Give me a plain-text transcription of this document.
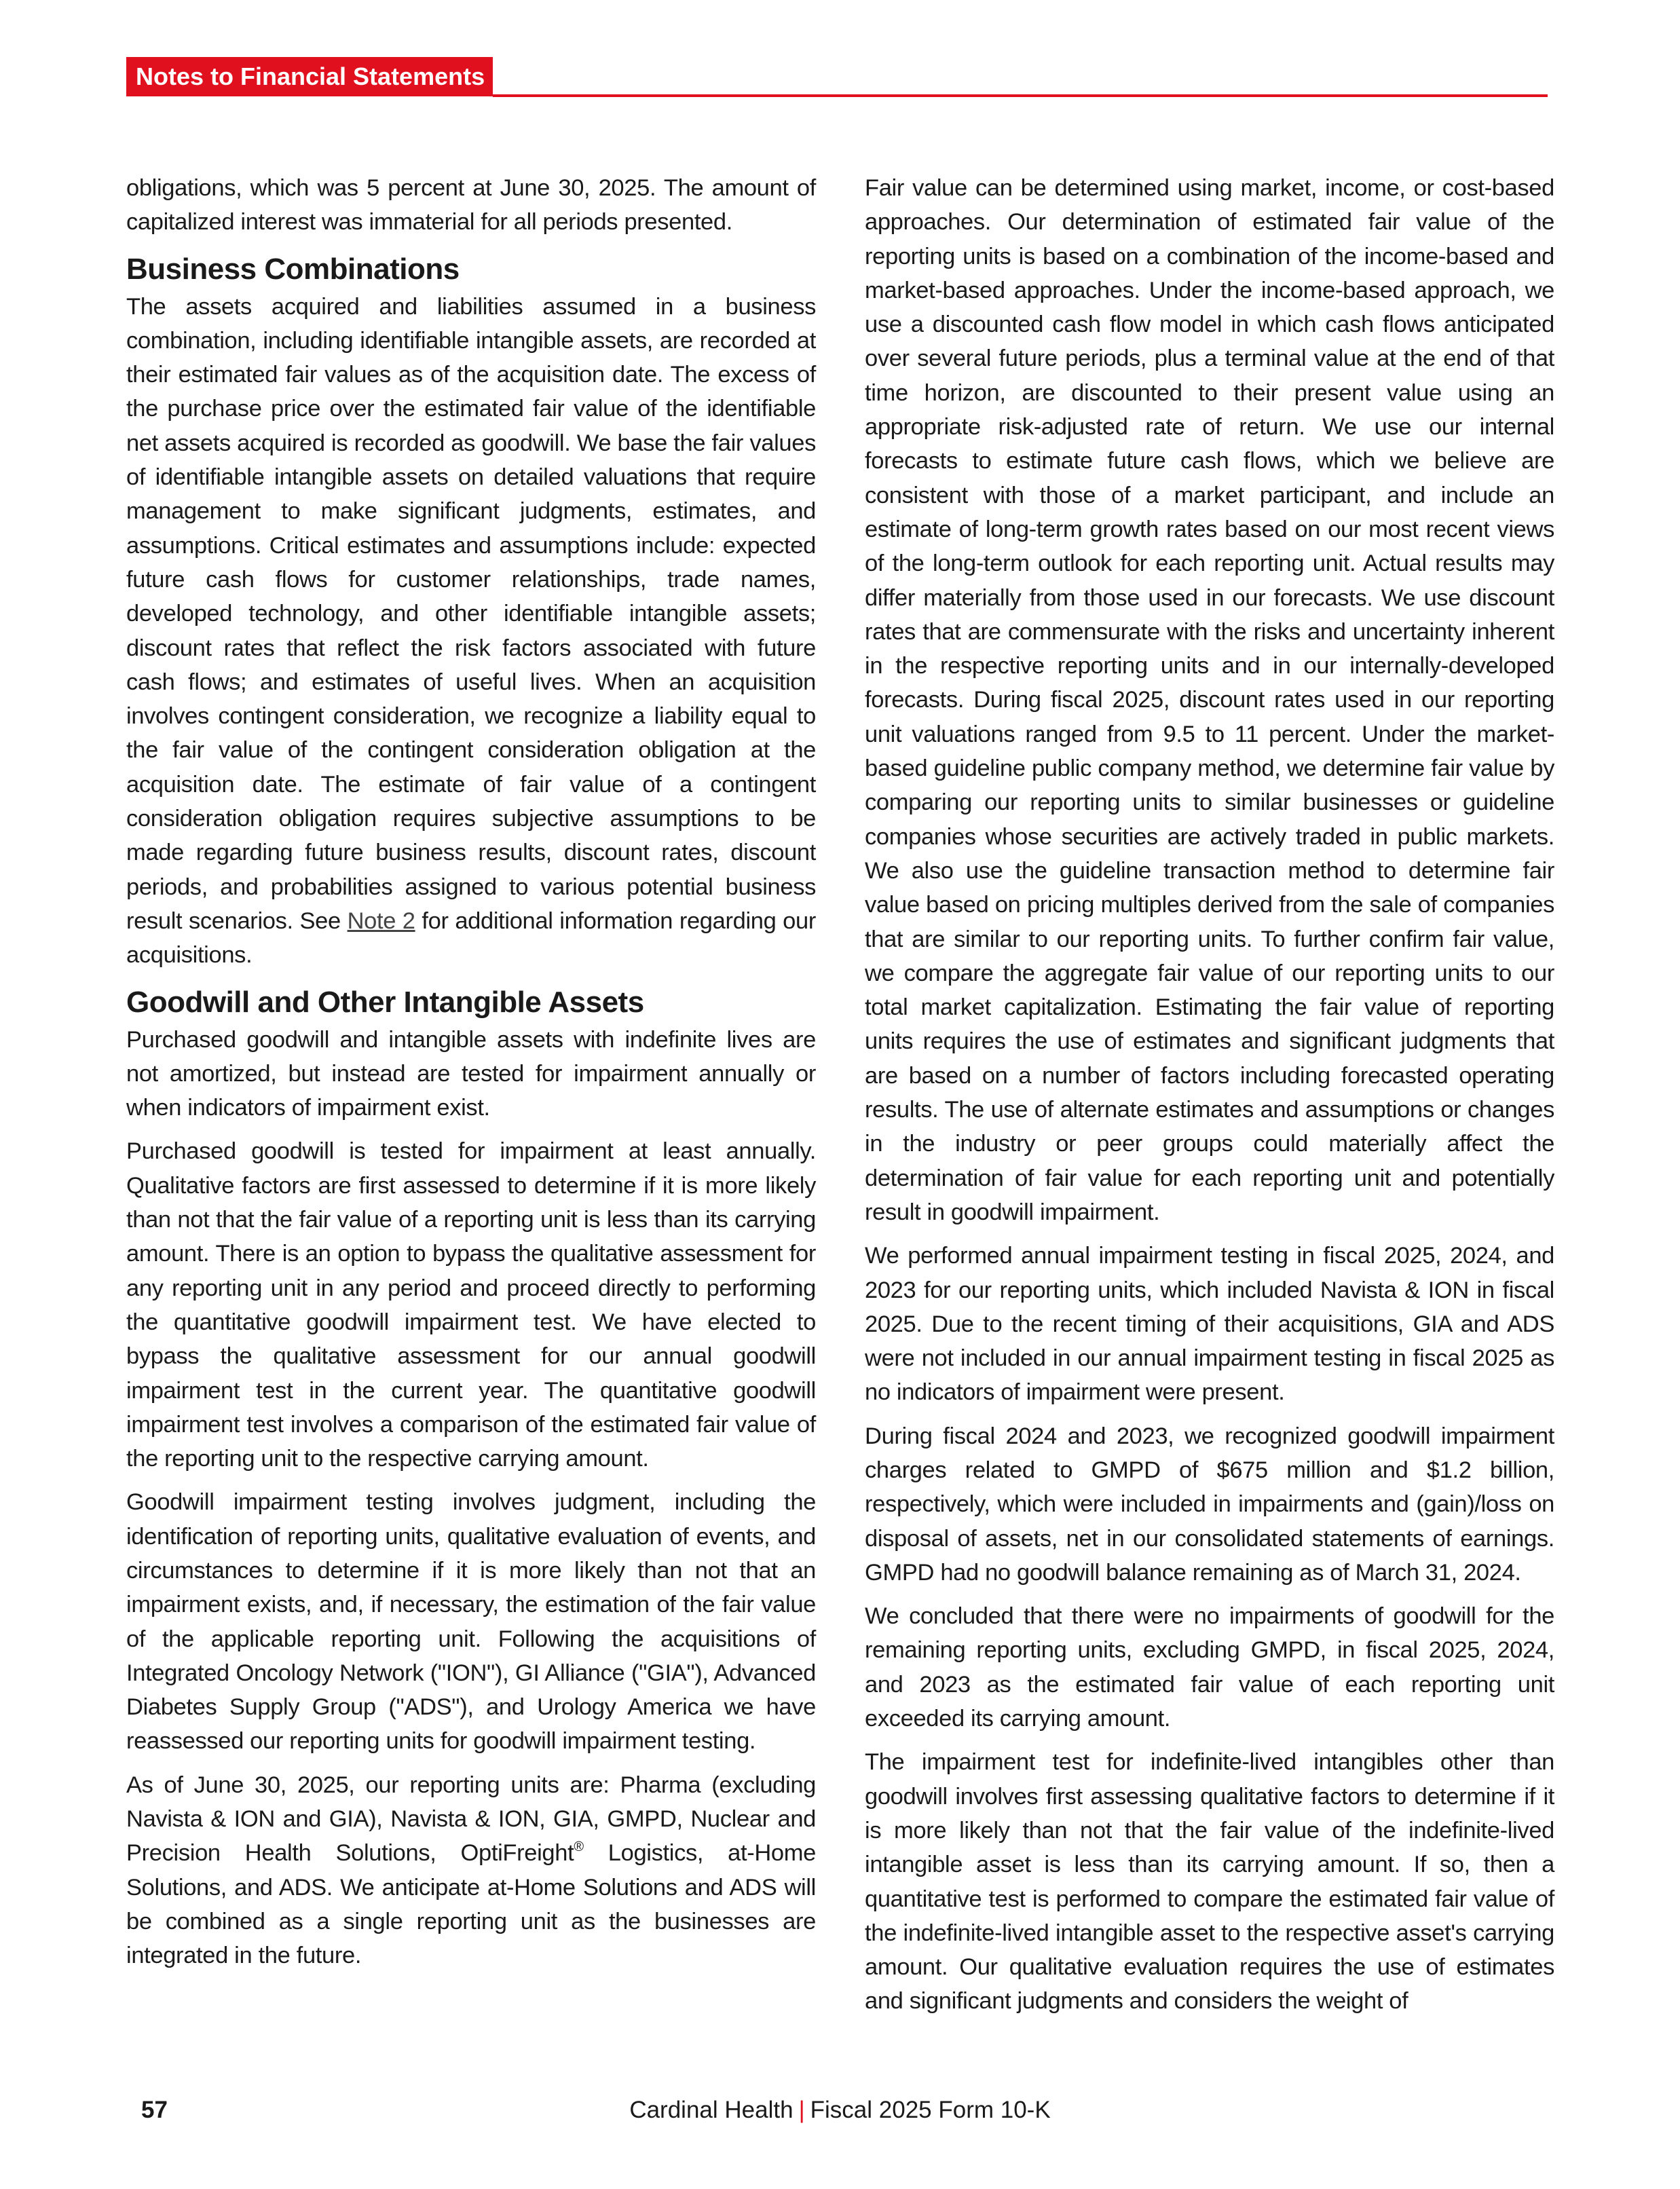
Notes to Financial Statements

obligations, which was 5 percent at June 30, 2025. The amount of capitalized interest was immaterial for all periods presented.

Business Combinations

The assets acquired and liabilities assumed in a business combination, including identifiable intangible assets, are recorded at their estimated fair values as of the acquisition date. The excess of the purchase price over the estimated fair value of the identifiable net assets acquired is recorded as goodwill. We base the fair values of identifiable intangible assets on detailed valuations that require management to make significant judgments, estimates, and assumptions. Critical estimates and assumptions include: expected future cash flows for customer relationships, trade names, developed technology, and other identifiable intangible assets; discount rates that reflect the risk factors associated with future cash flows; and estimates of useful lives. When an acquisition involves contingent consideration, we recognize a liability equal to the fair value of the contingent consideration obligation at the acquisition date. The estimate of fair value of a contingent consideration obligation requires subjective assumptions to be made regarding future business results, discount rates, discount periods, and probabilities assigned to various potential business result scenarios. See Note 2 for additional information regarding our acquisitions.

Goodwill and Other Intangible Assets

Purchased goodwill and intangible assets with indefinite lives are not amortized, but instead are tested for impairment annually or when indicators of impairment exist.

Purchased goodwill is tested for impairment at least annually. Qualitative factors are first assessed to determine if it is more likely than not that the fair value of a reporting unit is less than its carrying amount. There is an option to bypass the qualitative assessment for any reporting unit in any period and proceed directly to performing the quantitative goodwill impairment test. We have elected to bypass the qualitative assessment for our annual goodwill impairment test in the current year. The quantitative goodwill impairment test involves a comparison of the estimated fair value of the reporting unit to the respective carrying amount.

Goodwill impairment testing involves judgment, including the identification of reporting units, qualitative evaluation of events, and circumstances to determine if it is more likely than not that an impairment exists, and, if necessary, the estimation of the fair value of the applicable reporting unit. Following the acquisitions of Integrated Oncology Network ("ION"), GI Alliance ("GIA"), Advanced Diabetes Supply Group ("ADS"), and Urology America we have reassessed our reporting units for goodwill impairment testing.

As of June 30, 2025, our reporting units are: Pharma (excluding Navista & ION and GIA), Navista & ION, GIA, GMPD, Nuclear and Precision Health Solutions, OptiFreight® Logistics, at-Home Solutions, and ADS. We anticipate at-Home Solutions and ADS will be combined as a single reporting unit as the businesses are integrated in the future.

Fair value can be determined using market, income, or cost-based approaches. Our determination of estimated fair value of the reporting units is based on a combination of the income-based and market-based approaches. Under the income-based approach, we use a discounted cash flow model in which cash flows anticipated over several future periods, plus a terminal value at the end of that time horizon, are discounted to their present value using an appropriate risk-adjusted rate of return. We use our internal forecasts to estimate future cash flows, which we believe are consistent with those of a market participant, and include an estimate of long-term growth rates based on our most recent views of the long-term outlook for each reporting unit. Actual results may differ materially from those used in our forecasts. We use discount rates that are commensurate with the risks and uncertainty inherent in the respective reporting units and in our internally-developed forecasts. During fiscal 2025, discount rates used in our reporting unit valuations ranged from 9.5 to 11 percent. Under the market-based guideline public company method, we determine fair value by comparing our reporting units to similar businesses or guideline companies whose securities are actively traded in public markets. We also use the guideline transaction method to determine fair value based on pricing multiples derived from the sale of companies that are similar to our reporting units. To further confirm fair value, we compare the aggregate fair value of our reporting units to our total market capitalization. Estimating the fair value of reporting units requires the use of estimates and significant judgments that are based on a number of factors including forecasted operating results. The use of alternate estimates and assumptions or changes in the industry or peer groups could materially affect the determination of fair value for each reporting unit and potentially result in goodwill impairment.

We performed annual impairment testing in fiscal 2025, 2024, and 2023 for our reporting units, which included Navista & ION in fiscal 2025. Due to the recent timing of their acquisitions, GIA and ADS were not included in our annual impairment testing in fiscal 2025 as no indicators of impairment were present.

During fiscal 2024 and 2023, we recognized goodwill impairment charges related to GMPD of $675 million and $1.2 billion, respectively, which were included in impairments and (gain)/loss on disposal of assets, net in our consolidated statements of earnings. GMPD had no goodwill balance remaining as of March 31, 2024.

We concluded that there were no impairments of goodwill for the remaining reporting units, excluding GMPD, in fiscal 2025, 2024, and 2023 as the estimated fair value of each reporting unit exceeded its carrying amount.

The impairment test for indefinite-lived intangibles other than goodwill involves first assessing qualitative factors to determine if it is more likely than not that the fair value of the indefinite-lived intangible asset is less than its carrying amount. If so, then a quantitative test is performed to compare the estimated fair value of the indefinite-lived intangible asset to the respective asset's carrying amount. Our qualitative evaluation requires the use of estimates and significant judgments and considers the weight of

57	Cardinal Health | Fiscal 2025 Form 10-K
